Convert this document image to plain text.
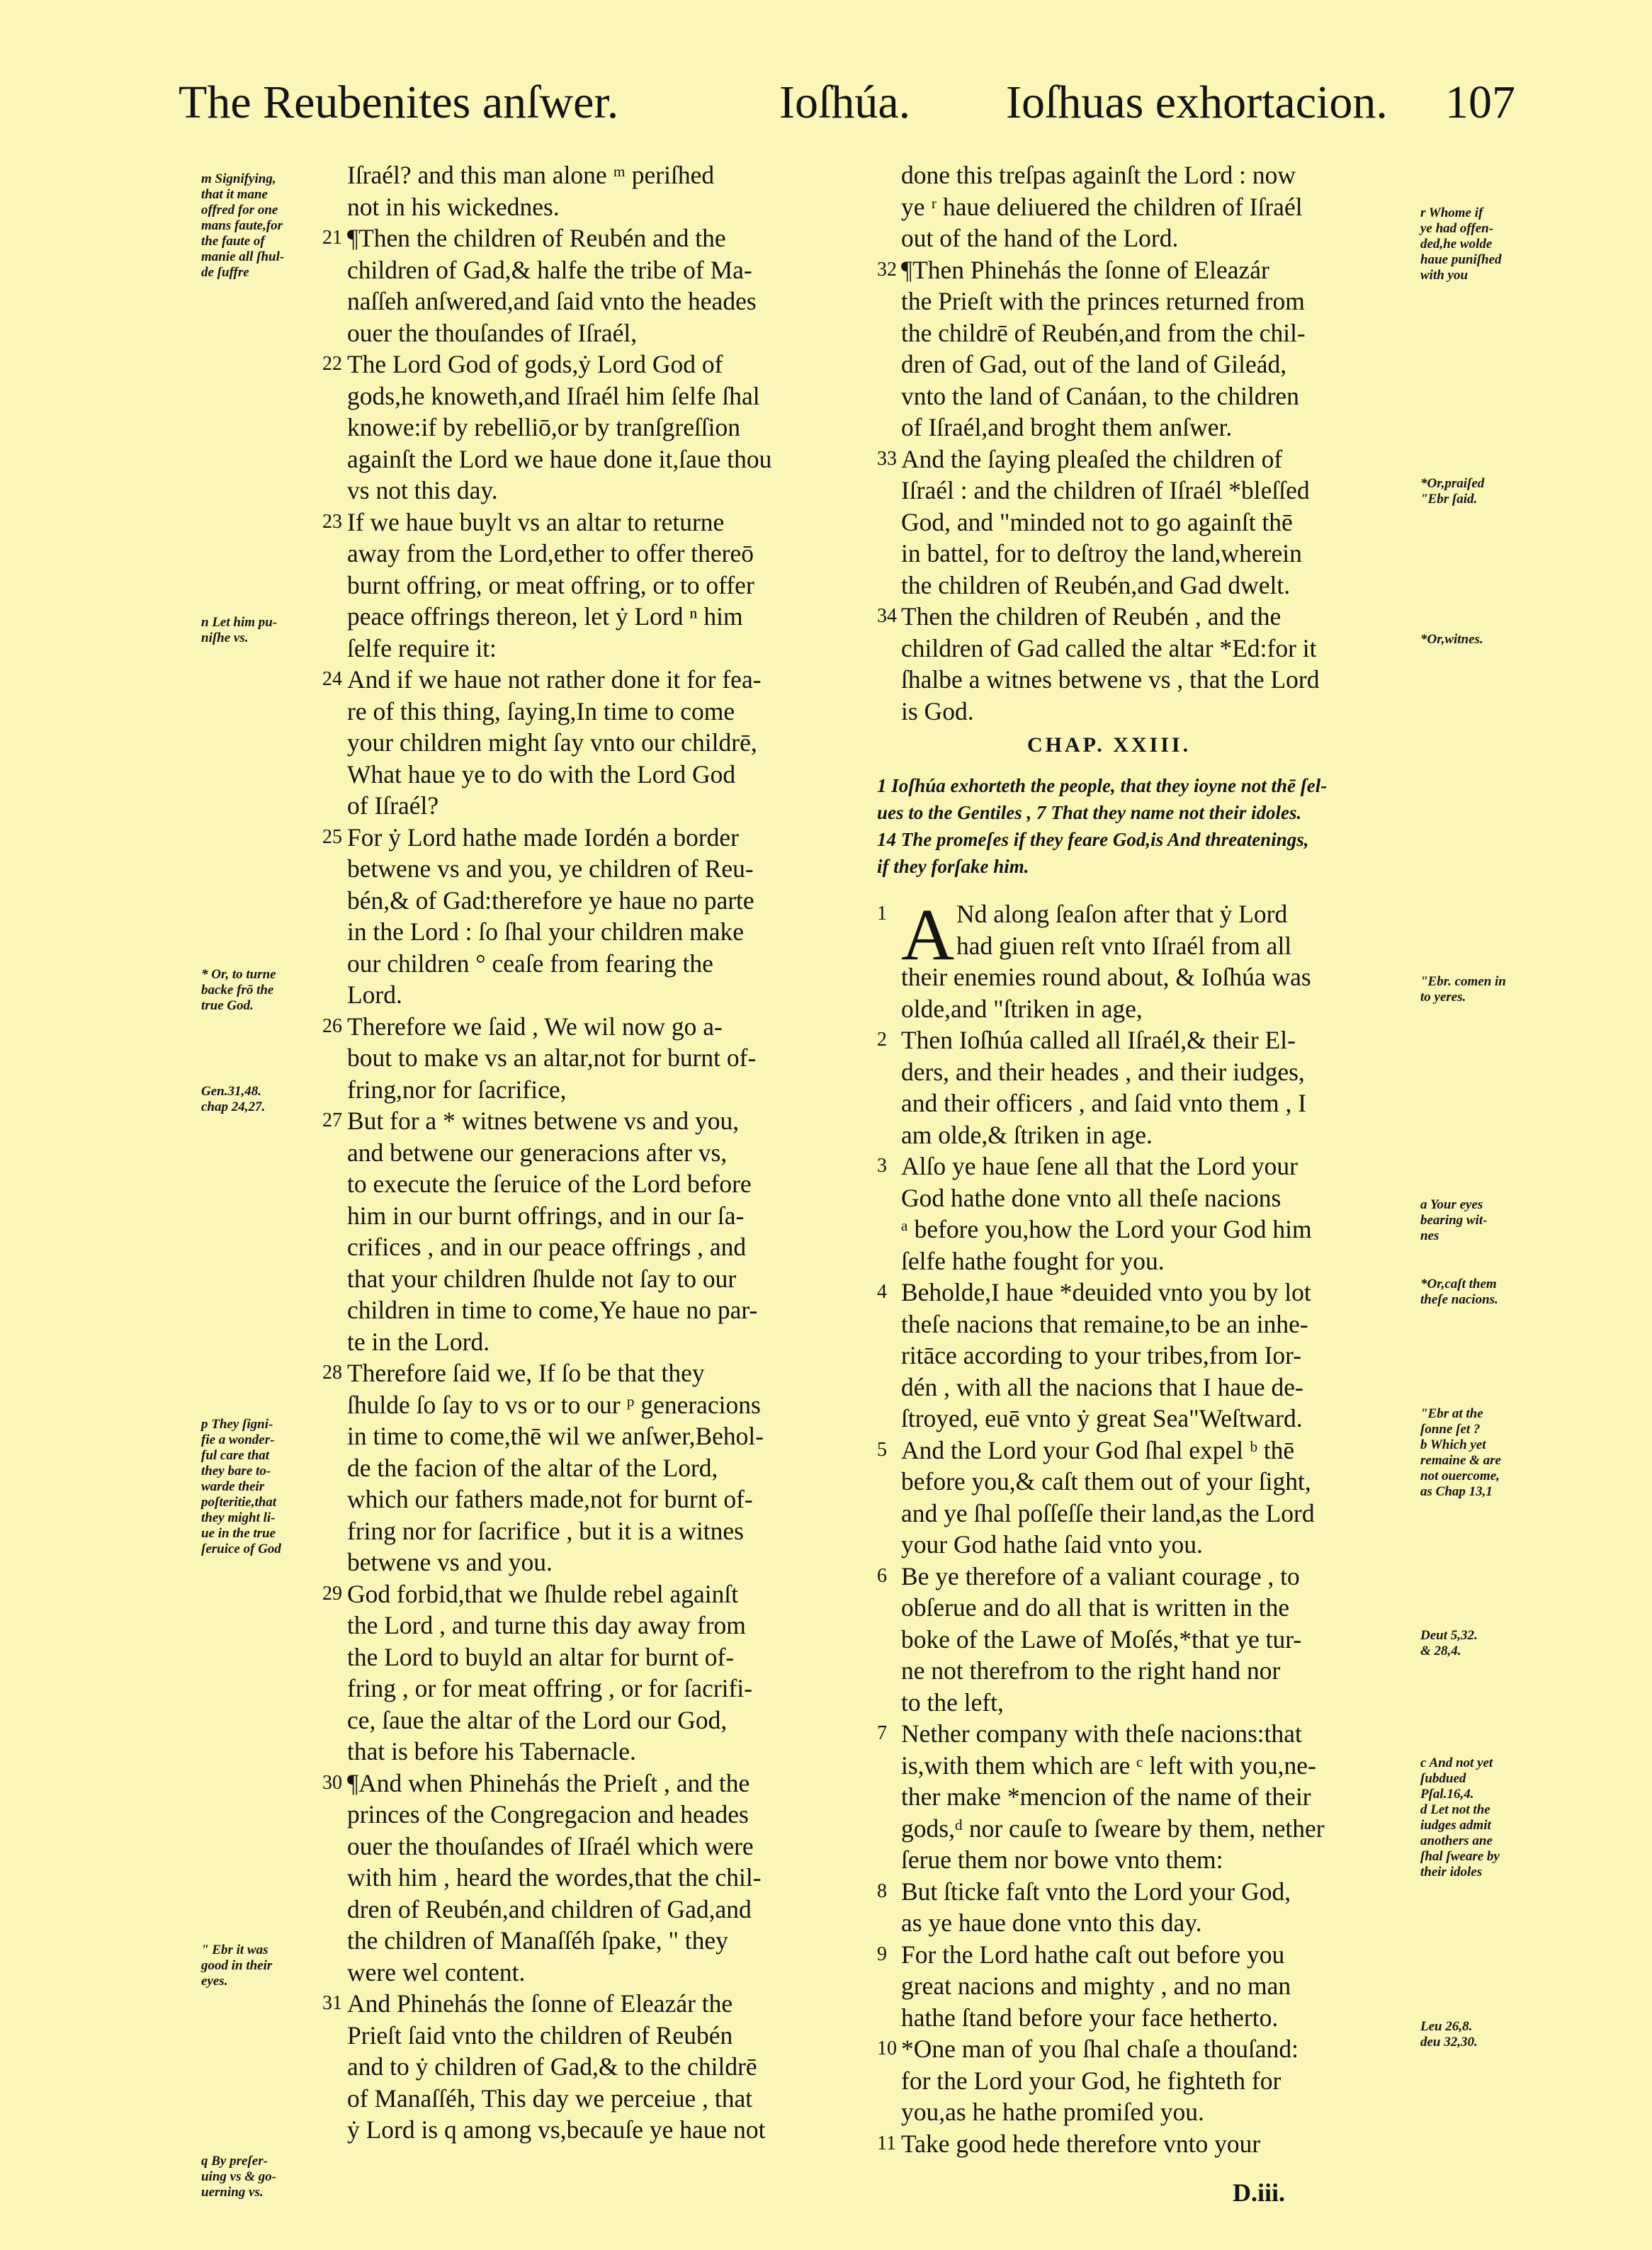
The Reubenites anſwer.	Ioſhúa. Ioſhuas exhortacion. 107
Iſraél? and this man alone ᵐ periſhed
not in his wickednes.
¶Then the children of Reubén and the
children of Gad,& halfe the tribe of Ma-
naſſeh anſwered,and ſaid vnto the heades
ouer the thouſandes of Iſraél,
The Lord God of gods,ẏ Lord God of
gods,he knoweth,and Iſraél him ſelfe ſhal
knowe:if by rebelliō,or by tranſgreſſion
againſt the Lord we haue done it,ſaue thou
vs not this day.
If we haue buylt vs an altar to returne
away from the Lord,ether to offer thereō
burnt offring, or meat offring, or to offer
peace offrings thereon, let ẏ Lord ⁿ him
ſelfe require it:
And if we haue not rather done it for fea-
re of this thing, ſaying,In time to come
your children might ſay vnto our childrē,
What haue ye to do with the Lord God
of Iſraél?
For ẏ Lord hathe made Iordén a border
betwene vs and you, ye children of Reu-
bén,& of Gad:therefore ye haue no parte
in the Lord : ſo ſhal your children make
our children ° ceaſe from fearing the
Lord.
Therefore we ſaid , We wil now go a-
bout to make vs an altar,not for burnt of-
fring,nor for ſacrifice,
But for a * witnes betwene vs and you,
and betwene our generacions after vs,
to execute the ſeruice of the Lord before
him in our burnt offrings, and in our ſa-
crifices , and in our peace offrings , and
that your children ſhulde not ſay to our
children in time to come,Ye haue no par-
te in the Lord.
Therefore ſaid we, If ſo be that they
ſhulde ſo ſay to vs or to our ᵖ generacions
in time to come,thē wil we anſwer,Behol-
de the facion of the altar of the Lord,
which our fathers made,not for burnt of-
fring nor for ſacrifice , but it is a witnes
betwene vs and you.
God forbid,that we ſhulde rebel againſt
the Lord , and turne this day away from
the Lord to buyld an altar for burnt of-
fring , or for meat offring , or for ſacrifi-
ce, ſaue the altar of the Lord our God,
that is before his Tabernacle.
¶And when Phinehás the Prieſt , and the
princes of the Congregacion and heades
ouer the thouſandes of Iſraél which were
with him , heard the wordes,that the chil-
dren of Reubén,and children of Gad,and
the children of Manaſſéh ſpake, " they
were wel content.
And Phinehás the ſonne of Eleazár the
Prieſt ſaid vnto the children of Reubén
and to ẏ children of Gad,& to the childrē
of Manaſſéh, This day we perceiue , that
ẏ Lord is q among vs,becauſe ye haue not
done this treſpas againſt the Lord : now
ye ʳ haue deliuered the children of Iſraél
out of the hand of the Lord.
¶Then Phinehás the ſonne of Eleazár
the Prieſt with the princes returned from
the childrē of Reubén,and from the chil-
dren of Gad, out of the land of Gileád,
vnto the land of Canáan, to the children
of Iſraél,and broght them anſwer.
And the ſaying pleaſed the children of
Iſraél : and the children of Iſraél *bleſſed
God, and "minded not to go againſt thē
in battel, for to deſtroy the land,wherein
the children of Reubén,and Gad dwelt.
Then the children of Reubén , and the
children of Gad called the altar *Ed:for it
ſhalbe a witnes betwene vs , that the Lord
is God.
21
22
23
24
25
26
27
28
29
30
31
32
33
34
1
2
3
4
5
6
7
8
9
10
11
m Signifying,
that it mane
offred for one
mans faute,for
the faute of
manie all ſhul-
de ſuffre
n Let him pu-
niſhe vs.
* Or, to turne
backe frō the
true God.
Gen.31,48.
chap 24,27.
p They ſigni-
fie a wonder-
ful care that
they bare to-
warde their
poſteritie,that
they might li-
ue in the true
ſeruice of God
" Ebr it was
good in their
eyes.
q By preſer-
uing vs & go-
uerning vs.
r Whome if
ye had offen-
ded,he wolde
haue puniſhed
with you
*Or,praiſed
"Ebr ſaid.
*Or,witnes.
"Ebr. comen in
to yeres.
a Your eyes
bearing wit-
nes
*Or,caſt them
theſe nacions.
"Ebr at the
ſonne ſet ?
b Which yet
remaine & are
not ouercome,
as Chap 13,1
Deut 5,32.
& 28,4.
c And not yet
ſubdued
Pſal.16,4.
d Let not the
iudges admit
anothers ane
ſhal ſweare by
their idoles
Leu 26,8.
deu 32,30.
CHAP. XXIII.
1 Ioſhúa exhorteth the people, that they ioyne not thē ſel-
ues to the Gentiles , 7 That they name not their idoles.
14 The promeſes if they feare God,is And threatenings,
if they forſake him.
A Nd along ſeaſon after that ẏ Lord
had giuen reſt vnto Iſraél from all
their enemies round about, & Ioſhúa was
olde,and "ſtriken in age,
Then Ioſhúa called all Iſraél,& their El-
ders, and their heades , and their iudges,
and their officers , and ſaid vnto them , I
am olde,& ſtriken in age.
Alſo ye haue ſene all that the Lord your
God hathe done vnto all theſe nacions
ᵃ before you,how the Lord your God him
ſelfe hathe fought for you.
Beholde,I haue *deuided vnto you by lot
theſe nacions that remaine,to be an inhe-
ritāce according to your tribes,from Ior-
dén , with all the nacions that I haue de-
ſtroyed, euē vnto ẏ great Sea"Weſtward.
And the Lord your God ſhal expel ᵇ thē
before you,& caſt them out of your ſight,
and ye ſhal poſſeſſe their land,as the Lord
your God hathe ſaid vnto you.
Be ye therefore of a valiant courage , to
obſerue and do all that is written in the
boke of the Lawe of Moſés,*that ye tur-
ne not therefrom to the right hand nor
to the left,
Nether company with theſe nacions:that
is,with them which are ᶜ left with you,ne-
ther make *mencion of the name of their
gods,ᵈ nor cauſe to ſweare by them, nether
ſerue them nor bowe vnto them:
But ſticke faſt vnto the Lord your God,
as ye haue done vnto this day.
For the Lord hathe caſt out before you
great nacions and mighty , and no man
hathe ſtand before your face hetherto.
*One man of you ſhal chaſe a thouſand:
for the Lord your God, he fighteth for
you,as he hathe promiſed you.
Take good hede therefore vnto your
D.iii.
